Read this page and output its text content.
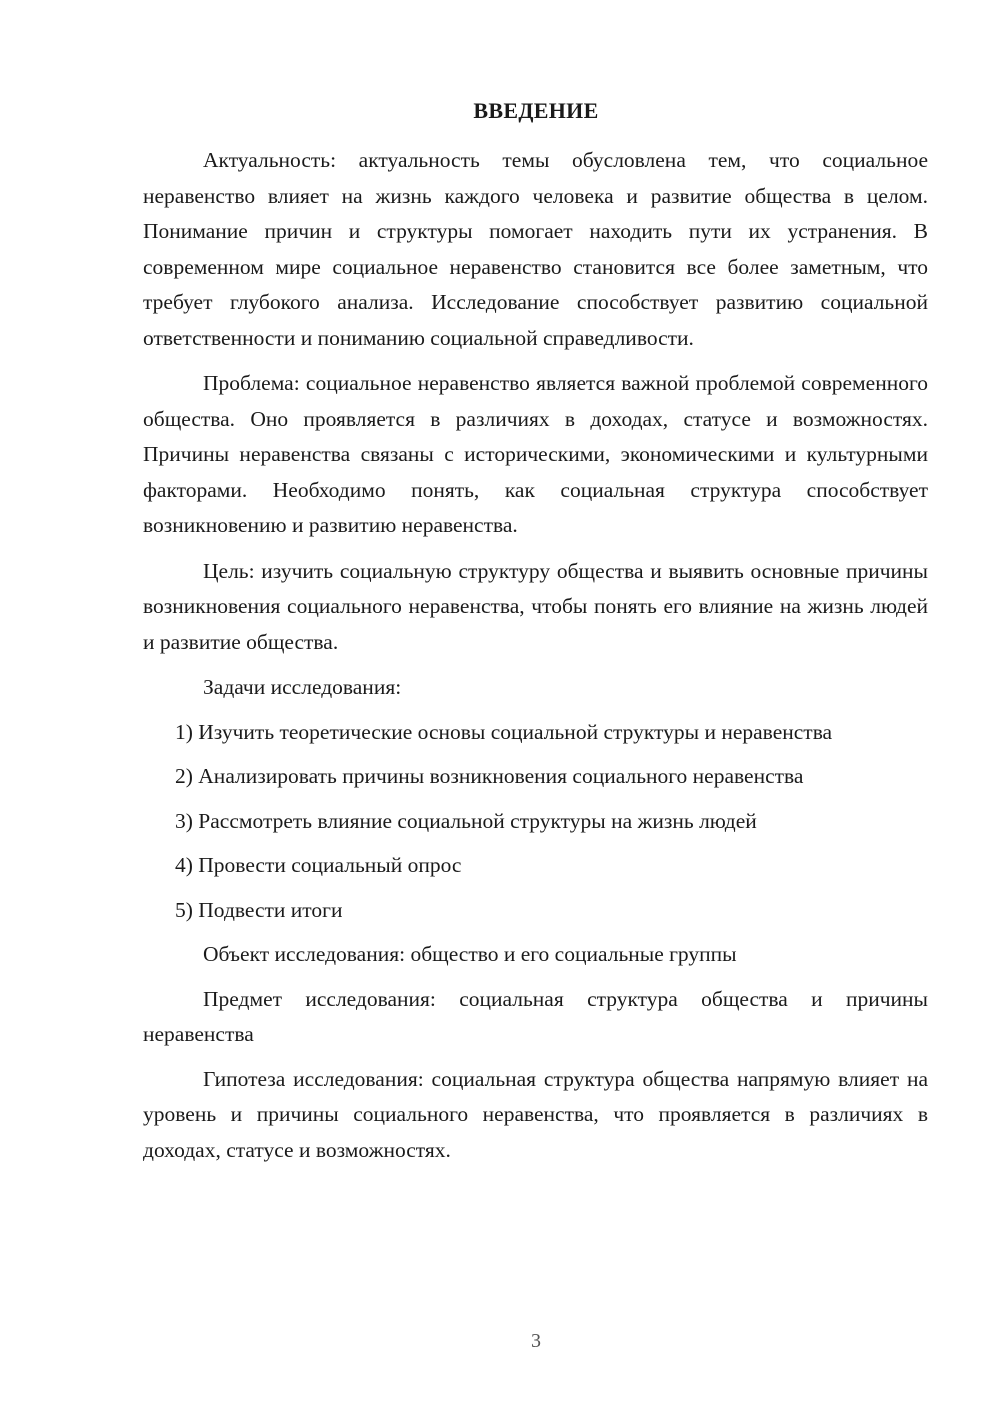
ВВЕДЕНИЕ

Актуальность: актуальность темы обусловлена тем, что социальное неравенство влияет на жизнь каждого человека и развитие общества в целом. Понимание причин и структуры помогает находить пути их устранения. В современном мире социальное неравенство становится все более заметным, что требует глубокого анализа. Исследование способствует развитию социальной ответственности и пониманию социальной справедливости.

Проблема: социальное неравенство является важной проблемой современного общества. Оно проявляется в различиях в доходах, статусе и возможностях. Причины неравенства связаны с историческими, экономическими и культурными факторами. Необходимо понять, как социальная структура способствует возникновению и развитию неравенства.

Цель: изучить социальную структуру общества и выявить основные причины возникновения социального неравенства, чтобы понять его влияние на жизнь людей и развитие общества.

Задачи исследования:

1) Изучить теоретические основы социальной структуры и неравенства

2) Анализировать причины возникновения социального неравенства

3) Рассмотреть влияние социальной структуры на жизнь людей

4) Провести социальный опрос

5) Подвести итоги

Объект исследования: общество и его социальные группы

Предмет исследования: социальная структура общества и причины неравенства

Гипотеза исследования: социальная структура общества напрямую влияет на уровень и причины социального неравенства, что проявляется в различиях в доходах, статусе и возможностях.

3
